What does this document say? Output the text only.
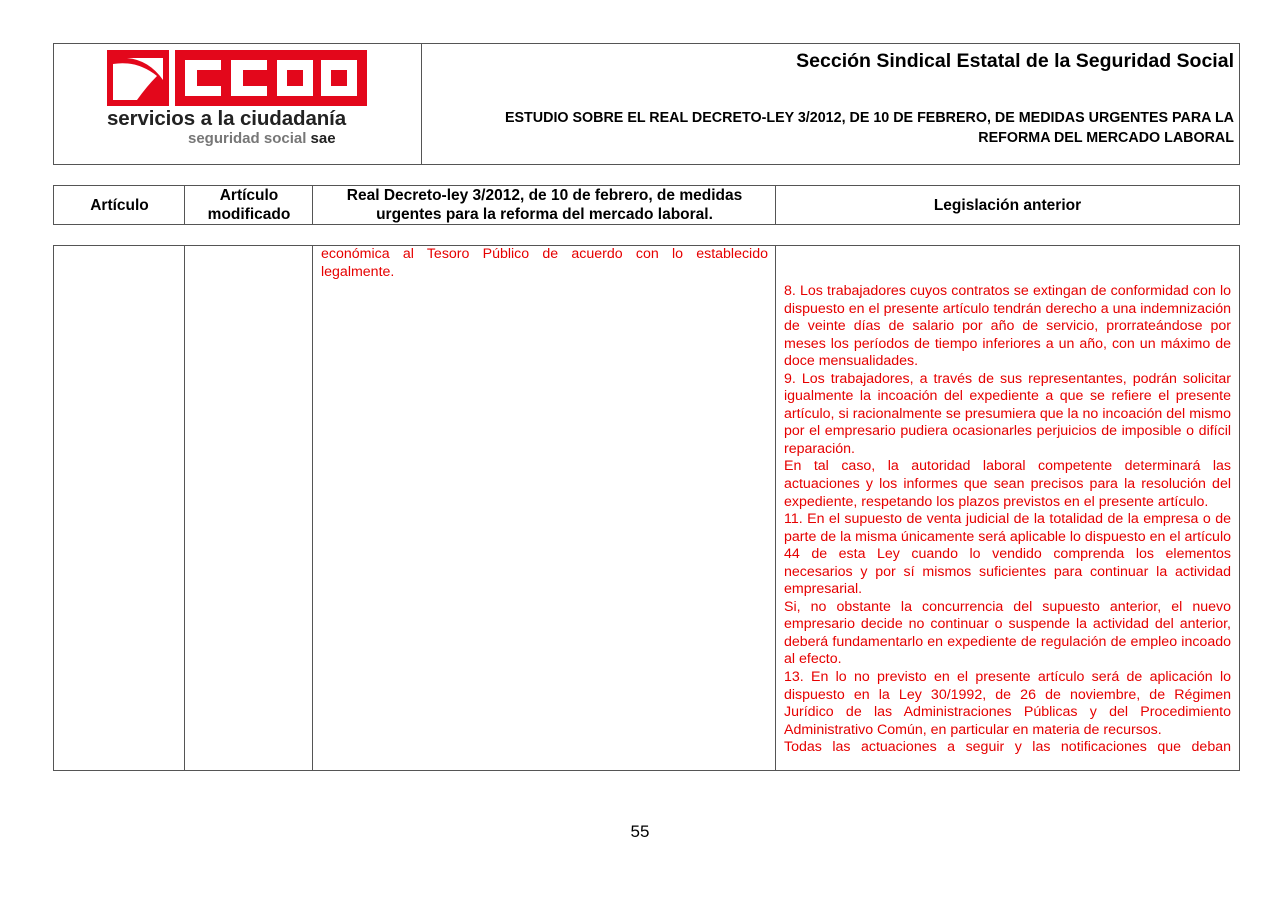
servicios a la ciudadanía
seguridad social sae
Sección Sindical Estatal de la Seguridad Social
ESTUDIO SOBRE EL REAL DECRETO-LEY 3/2012, DE 10 DE FEBRERO, DE MEDIDAS URGENTES PARA LA REFORMA DEL MERCADO LABORAL
Artículo
Artículo modificado
Real Decreto-ley 3/2012, de 10 de febrero, de medidas urgentes para la reforma del mercado laboral.
Legislación anterior

económica al Tesoro Público de acuerdo con lo establecido legalmente.

8. Los trabajadores cuyos contratos se extingan de conformidad con lo dispuesto en el presente artículo tendrán derecho a una indemnización de veinte días de salario por año de servicio, prorrateándose por meses los períodos de tiempo inferiores a un año, con un máximo de doce mensualidades.

9. Los trabajadores, a través de sus representantes, podrán solicitar igualmente la incoación del expediente a que se refiere el presente artículo, si racionalmente se presumiera que la no incoación del mismo por el empresario pudiera ocasionarles perjuicios de imposible o difícil reparación.

En tal caso, la autoridad laboral competente determinará las actuaciones y los informes que sean precisos para la resolución del expediente, respetando los plazos previstos en el presente artículo.

11. En el supuesto de venta judicial de la totalidad de la empresa o de parte de la misma únicamente será aplicable lo dispuesto en el artículo 44 de esta Ley cuando lo vendido comprenda los elementos necesarios y por sí mismos suficientes para continuar la actividad empresarial.

Si, no obstante la concurrencia del supuesto anterior, el nuevo empresario decide no continuar o suspende la actividad del anterior, deberá fundamentarlo en expediente de regulación de empleo incoado al efecto.

13. En lo no previsto en el presente artículo será de aplicación lo dispuesto en la Ley 30/1992, de 26 de noviembre, de Régimen Jurídico de las Administraciones Públicas y del Procedimiento Administrativo Común, en particular en materia de recursos.

Todas las actuaciones a seguir y las notificaciones que deban

55
